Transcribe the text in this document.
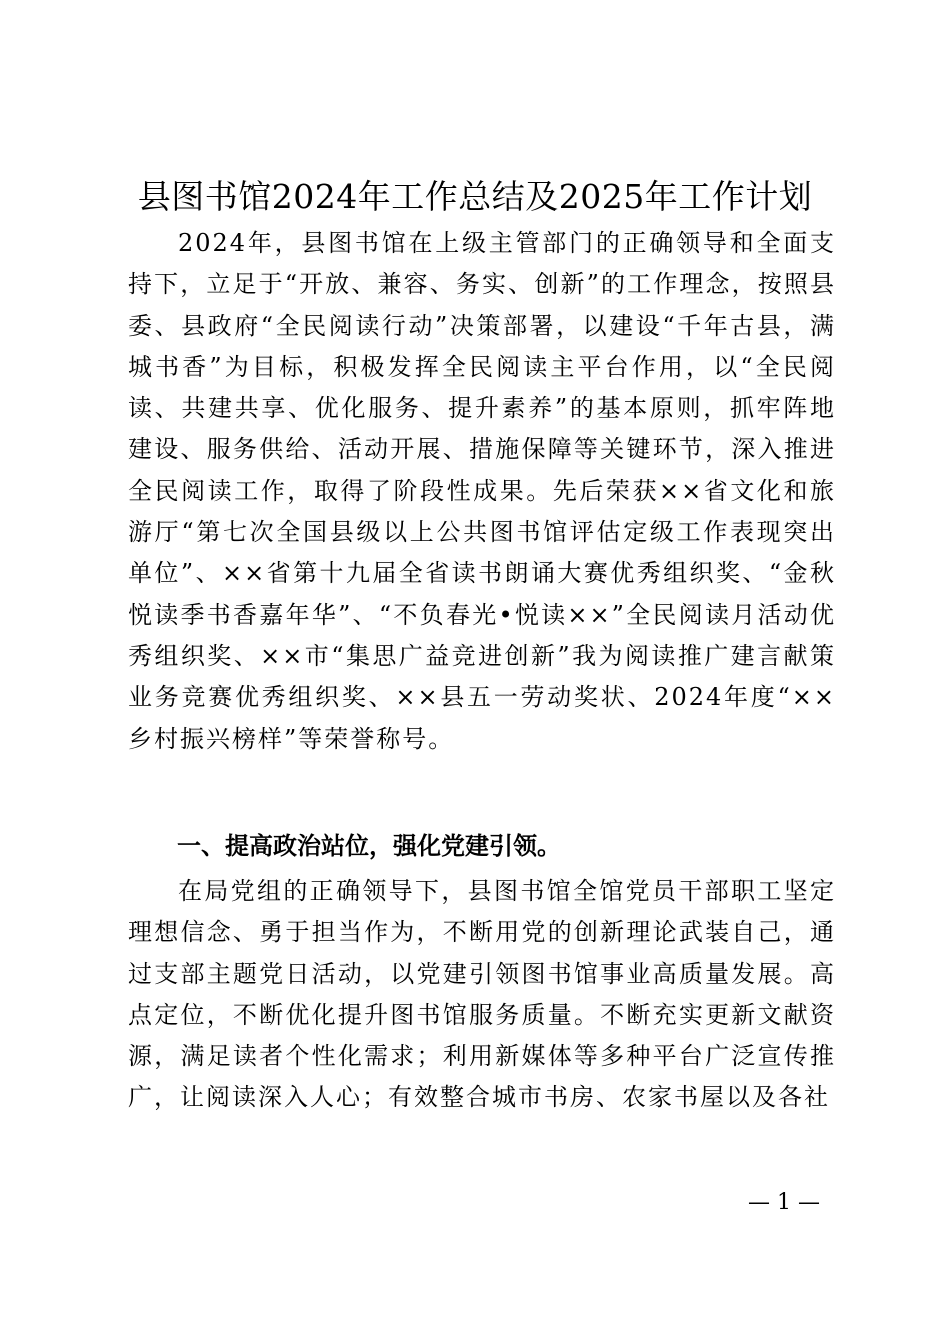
县图书馆2024年工作总结及2025年工作计划

2024年，县图书馆在上级主管部门的正确领导和全面支持下，立足于“开放、兼容、务实、创新”的工作理念，按照县委、县政府“全民阅读行动”决策部署，以建设“千年古县，满城书香”为目标，积极发挥全民阅读主平台作用，以“全民阅读、共建共享、优化服务、提升素养”的基本原则，抓牢阵地建设、服务供给、活动开展、措施保障等关键环节，深入推进全民阅读工作，取得了阶段性成果。先后荣获××省文化和旅游厅“第七次全国县级以上公共图书馆评估定级工作表现突出单位”、××省第十九届全省读书朗诵大赛优秀组织奖、“金秋悦读季书香嘉年华”、“不负春光•悦读××”全民阅读月活动优秀组织奖、××市“集思广益竞进创新”我为阅读推广建言献策业务竞赛优秀组织奖、××县五一劳动奖状、2024年度“××乡村振兴榜样”等荣誉称号。

一、提高政治站位，强化党建引领。

在局党组的正确领导下，县图书馆全馆党员干部职工坚定理想信念、勇于担当作为，不断用党的创新理论武装自己，通过支部主题党日活动，以党建引领图书馆事业高质量发展。高点定位，不断优化提升图书馆服务质量。不断充实更新文献资源，满足读者个性化需求；利用新媒体等多种平台广泛宣传推广，让阅读深入人心；有效整合城市书房、农家书屋以及各社

— 1 —
